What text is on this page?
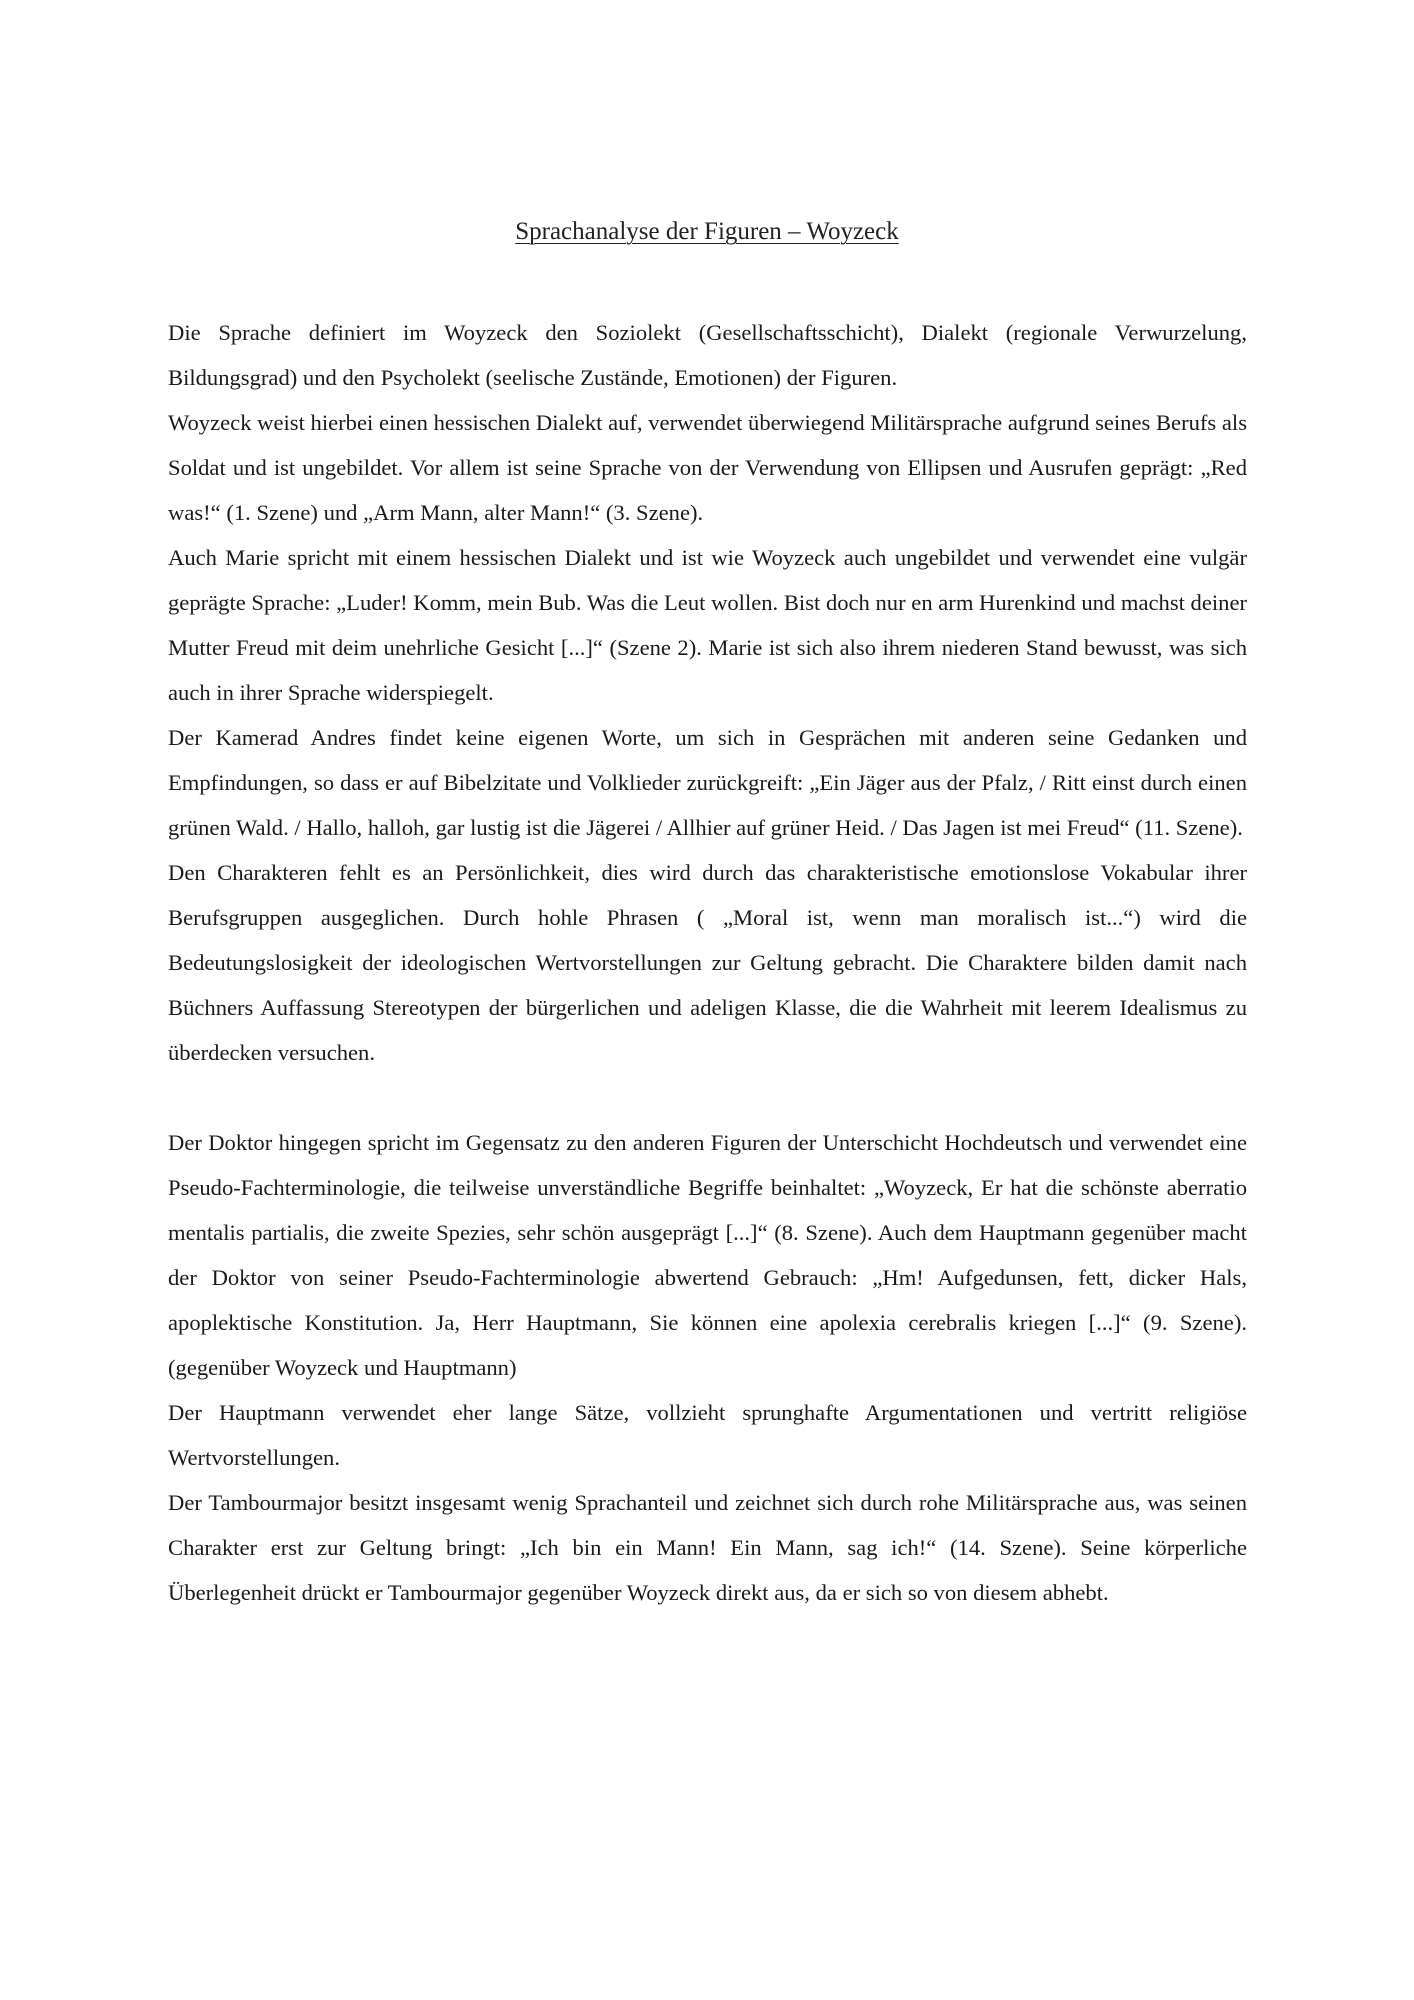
Sprachanalyse der Figuren – Woyzeck

Die Sprache definiert im Woyzeck den Soziolekt (Gesellschaftsschicht), Dialekt (regionale Verwurzelung, Bildungsgrad) und den Psycholekt (seelische Zustände, Emotionen) der Figuren.

Woyzeck weist hierbei einen hessischen Dialekt auf, verwendet überwiegend Militärsprache aufgrund seines Berufs als Soldat und ist ungebildet. Vor allem ist seine Sprache von der Verwendung von Ellipsen und Ausrufen geprägt: „Red was!“ (1. Szene) und „Arm Mann, alter Mann!“ (3. Szene).

Auch Marie spricht mit einem hessischen Dialekt und ist wie Woyzeck auch ungebildet und verwendet eine vulgär geprägte Sprache: „Luder! Komm, mein Bub. Was die Leut wollen. Bist doch nur en arm Hurenkind und machst deiner Mutter Freud mit deim unehrliche Gesicht [...]“ (Szene 2). Marie ist sich also ihrem niederen Stand bewusst, was sich auch in ihrer Sprache widerspiegelt.

Der Kamerad Andres findet keine eigenen Worte, um sich in Gesprächen mit anderen seine Gedanken und Empfindungen, so dass er auf Bibelzitate und Volklieder zurückgreift: „Ein Jäger aus der Pfalz, / Ritt einst durch einen grünen Wald. / Hallo, halloh, gar lustig ist die Jägerei / Allhier auf grüner Heid. / Das Jagen ist mei Freud“ (11. Szene).

Den Charakteren fehlt es an Persönlichkeit, dies wird durch das charakteristische emotionslose Vokabular ihrer Berufsgruppen ausgeglichen. Durch hohle Phrasen ( „Moral ist, wenn man moralisch ist...“) wird die Bedeutungslosigkeit der ideologischen Wertvorstellungen zur Geltung gebracht. Die Charaktere bilden damit nach Büchners Auffassung Stereotypen der bürgerlichen und adeligen Klasse, die die Wahrheit mit leerem Idealismus zu überdecken versuchen.

Der Doktor hingegen spricht im Gegensatz zu den anderen Figuren der Unterschicht Hochdeutsch und verwendet eine Pseudo-Fachterminologie, die teilweise unverständliche Begriffe beinhaltet: „Woyzeck, Er hat die schönste aberratio mentalis partialis, die zweite Spezies, sehr schön ausgeprägt [...]“ (8. Szene). Auch dem Hauptmann gegenüber macht der Doktor von seiner Pseudo-Fachterminologie abwertend Gebrauch: „Hm! Aufgedunsen, fett, dicker Hals, apoplektische Konstitution. Ja, Herr Hauptmann, Sie können eine apolexia cerebralis kriegen [...]“ (9. Szene). (gegenüber Woyzeck und Hauptmann)

Der Hauptmann verwendet eher lange Sätze, vollzieht sprunghafte Argumentationen und vertritt religiöse Wertvorstellungen.

Der Tambourmajor besitzt insgesamt wenig Sprachanteil und zeichnet sich durch rohe Militärsprache aus, was seinen Charakter erst zur Geltung bringt: „Ich bin ein Mann! Ein Mann, sag ich!“ (14. Szene). Seine körperliche Überlegenheit drückt er Tambourmajor gegenüber Woyzeck direkt aus, da er sich so von diesem abhebt.
